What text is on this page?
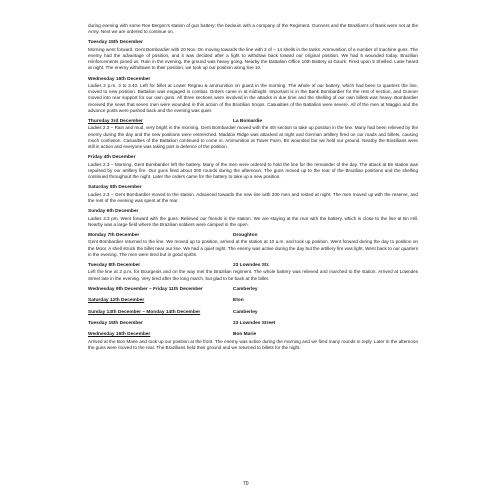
during evening with some Ree Bergen's station of gun battery; the bedouin with a company of the Regiment. Gunners and the Brazilian's of Bank were not at the Army. Next we are ordered to continue on.

Tuesday 15th December

Morning went forward. Gent Bombardier with 20 Nov. On moving towards the line with 2 of – 14 shells in the tanks. Ammunition of a number of machine guns. The enemy had the advantage of position, and it was decided after a fight to withdraw back toward our original position. We had 5 wounded today. Brazilian reinforcements joined us. Rain in the evening, the ground was heavy going. Nearby the Battalion Office 10th Battery at Gaurk. Fired upon 5 Shelled. Later heard at night. The enemy withdrawn to their position, we took up our position along line 10.

Wednesday 16th December

Ladies 2 p.m. 3 to 3.40. Left for billet at Lower Regrau & ammunition on guard in the morning. The whole of our battery, which had been to quarters the line, moved to new position. Battalion was engaged in combat. Orders came in at midnight. Important is in the Bank Bombardier for the rest of section, and Gunner moved into rear support for our own guns. All three sections were involved in the attacks in due time and the shelling of our own billets was heavy. Bombardier received the news that seven men were wounded in this action of the Brazilian troops. Casualties of the Battalion were severe. All of the men at Maggio and the advance posts were pushed back and the evening was quiet.

Thursday 3rd December	La Bomardie

Ladies 2.3 – Rain and mud, very bright in the morning. Gent Bombardier moved with the 4th section to take up position in the line. Many had been relieved by the enemy during the day and the new positions were entrenched. Maddox Ridge was attacked at night and German artillery fired on our roads and billets, causing much confusion. Casualties of the Battalion continued to come in. Ammunition at Tower Farm, Bn wounded but we held our ground. Nearby the Brazilians were still in action and everyone was taking part in defence of the position.

Friday 4th December

Ladies 2.3 – Morning. Gent Bombardier left the battery. Many of the men were ordered to hold the line for the remainder of the day. The attack at Bn station was repulsed by our artillery fire. Our guns fired about 300 rounds during the afternoon. The guns moved up to the rear of the Brazilian positions and the shelling continued throughout the night. Later the orders came for the battery to take up a new position.

Saturday 5th December

Ladies 2.3 – Gent Bombardier moved to the station. Advanced towards the new line with 200 men and rested at night. The men moved up with the reserve, and the rest of the evening was spent at the rear.

Sunday 6th December

Ladies 2.3 pm. Went forward with the guns. Relieved our friends in the station. We are staying at the rear with the battery, which is close to the line at Bn Hill. Nearby was a large field where the Brazilian soldiers were camped in the open.

Monday 7th December	Droughton

Gent Bombardier returned to the line. We moved up to position, arrived at the station at 10 a.m. and took up position. Went forward during the day to position on the Moor. A shell struck the billet near our line. We had a quiet night. The enemy was active during the day but the artillery fire was light. Went back to our quarters in the evening. The men were tired but in good spirits.

Tuesday 8th December	23 Lowndes Str.

Left the line at 2 p.m. for Bourgeois and on the way met the Brazilian regiment. The whole battery was relieved and marched to the station. Arrived at Lowndes Street late in the evening. Very tired after the long march, but glad to be back at the billet.

Wednesday 9th December – Friday 11th December	Camberley

Saturday 12th December	Eton

Sunday 13th December – Monday 14th December	Camberley

Tuesday 15th December	23 Lowndes Street

Wednesday 16th December	Bon Marie

Arrived at the Bon Marie and took up our position at the front. The enemy was active during the morning and we fired many rounds in reply. Later in the afternoon the guns were moved to the rear. The Brazilians held their ground and we returned to billets for the night.

70
